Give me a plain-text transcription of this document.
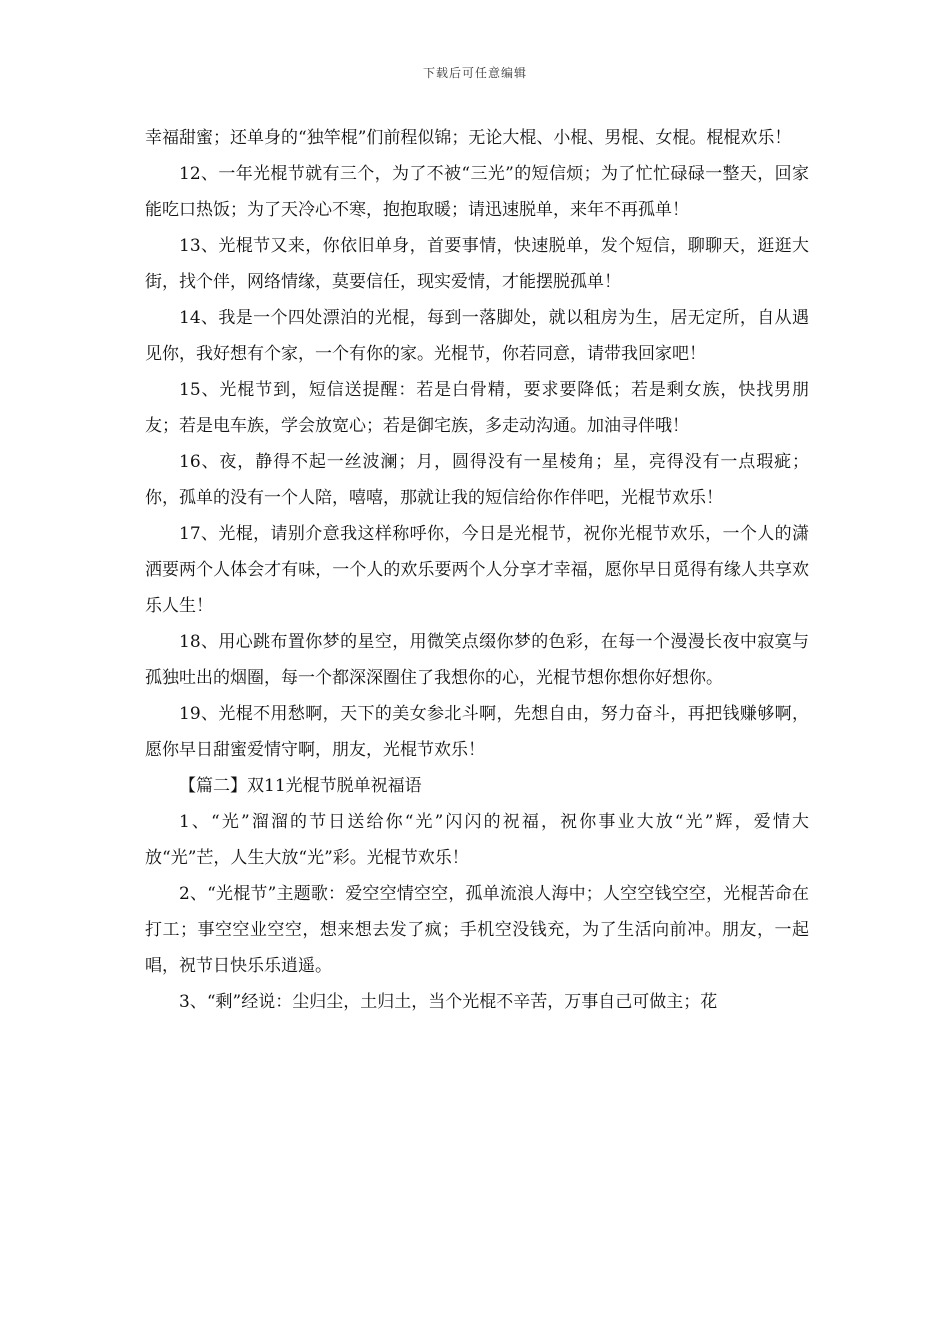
下载后可任意编辑

幸福甜蜜；还单身的“独竿棍”们前程似锦；无论大棍、小棍、男棍、女棍。棍棍欢乐！

12、一年光棍节就有三个，为了不被“三光”的短信烦；为了忙忙碌碌一整天，回家能吃口热饭；为了天冷心不寒，抱抱取暖；请迅速脱单，来年不再孤单！

13、光棍节又来，你依旧单身，首要事情，快速脱单，发个短信，聊聊天，逛逛大街，找个伴，网络情缘，莫要信任，现实爱情，才能摆脱孤单！

14、我是一个四处漂泊的光棍，每到一落脚处，就以租房为生，居无定所，自从遇见你，我好想有个家，一个有你的家。光棍节，你若同意，请带我回家吧！

15、光棍节到，短信送提醒：若是白骨精，要求要降低；若是剩女族，快找男朋友；若是电车族，学会放宽心；若是御宅族，多走动沟通。加油寻伴哦！

16、夜，静得不起一丝波澜；月，圆得没有一星棱角；星，亮得没有一点瑕疵；你，孤单的没有一个人陪，嘻嘻，那就让我的短信给你作伴吧，光棍节欢乐！

17、光棍，请别介意我这样称呼你，今日是光棍节，祝你光棍节欢乐，一个人的潇洒要两个人体会才有味，一个人的欢乐要两个人分享才幸福，愿你早日觅得有缘人共享欢乐人生！

18、用心跳布置你梦的星空，用微笑点缀你梦的色彩，在每一个漫漫长夜中寂寞与孤独吐出的烟圈，每一个都深深圈住了我想你的心，光棍节想你想你好想你。

19、光棍不用愁啊，天下的美女参北斗啊，先想自由，努力奋斗，再把钱赚够啊，愿你早日甜蜜爱情守啊，朋友，光棍节欢乐！

【篇二】双11光棍节脱单祝福语

1、“光”溜溜的节日送给你“光”闪闪的祝福，祝你事业大放“光”辉，爱情大放“光”芒，人生大放“光”彩。光棍节欢乐！

2、“光棍节”主题歌：爱空空情空空，孤单流浪人海中；人空空钱空空，光棍苦命在打工；事空空业空空，想来想去发了疯；手机空没钱充，为了生活向前冲。朋友，一起唱，祝节日快乐乐逍遥。

3、“剩”经说：尘归尘，土归土，当个光棍不辛苦，万事自己可做主；花
